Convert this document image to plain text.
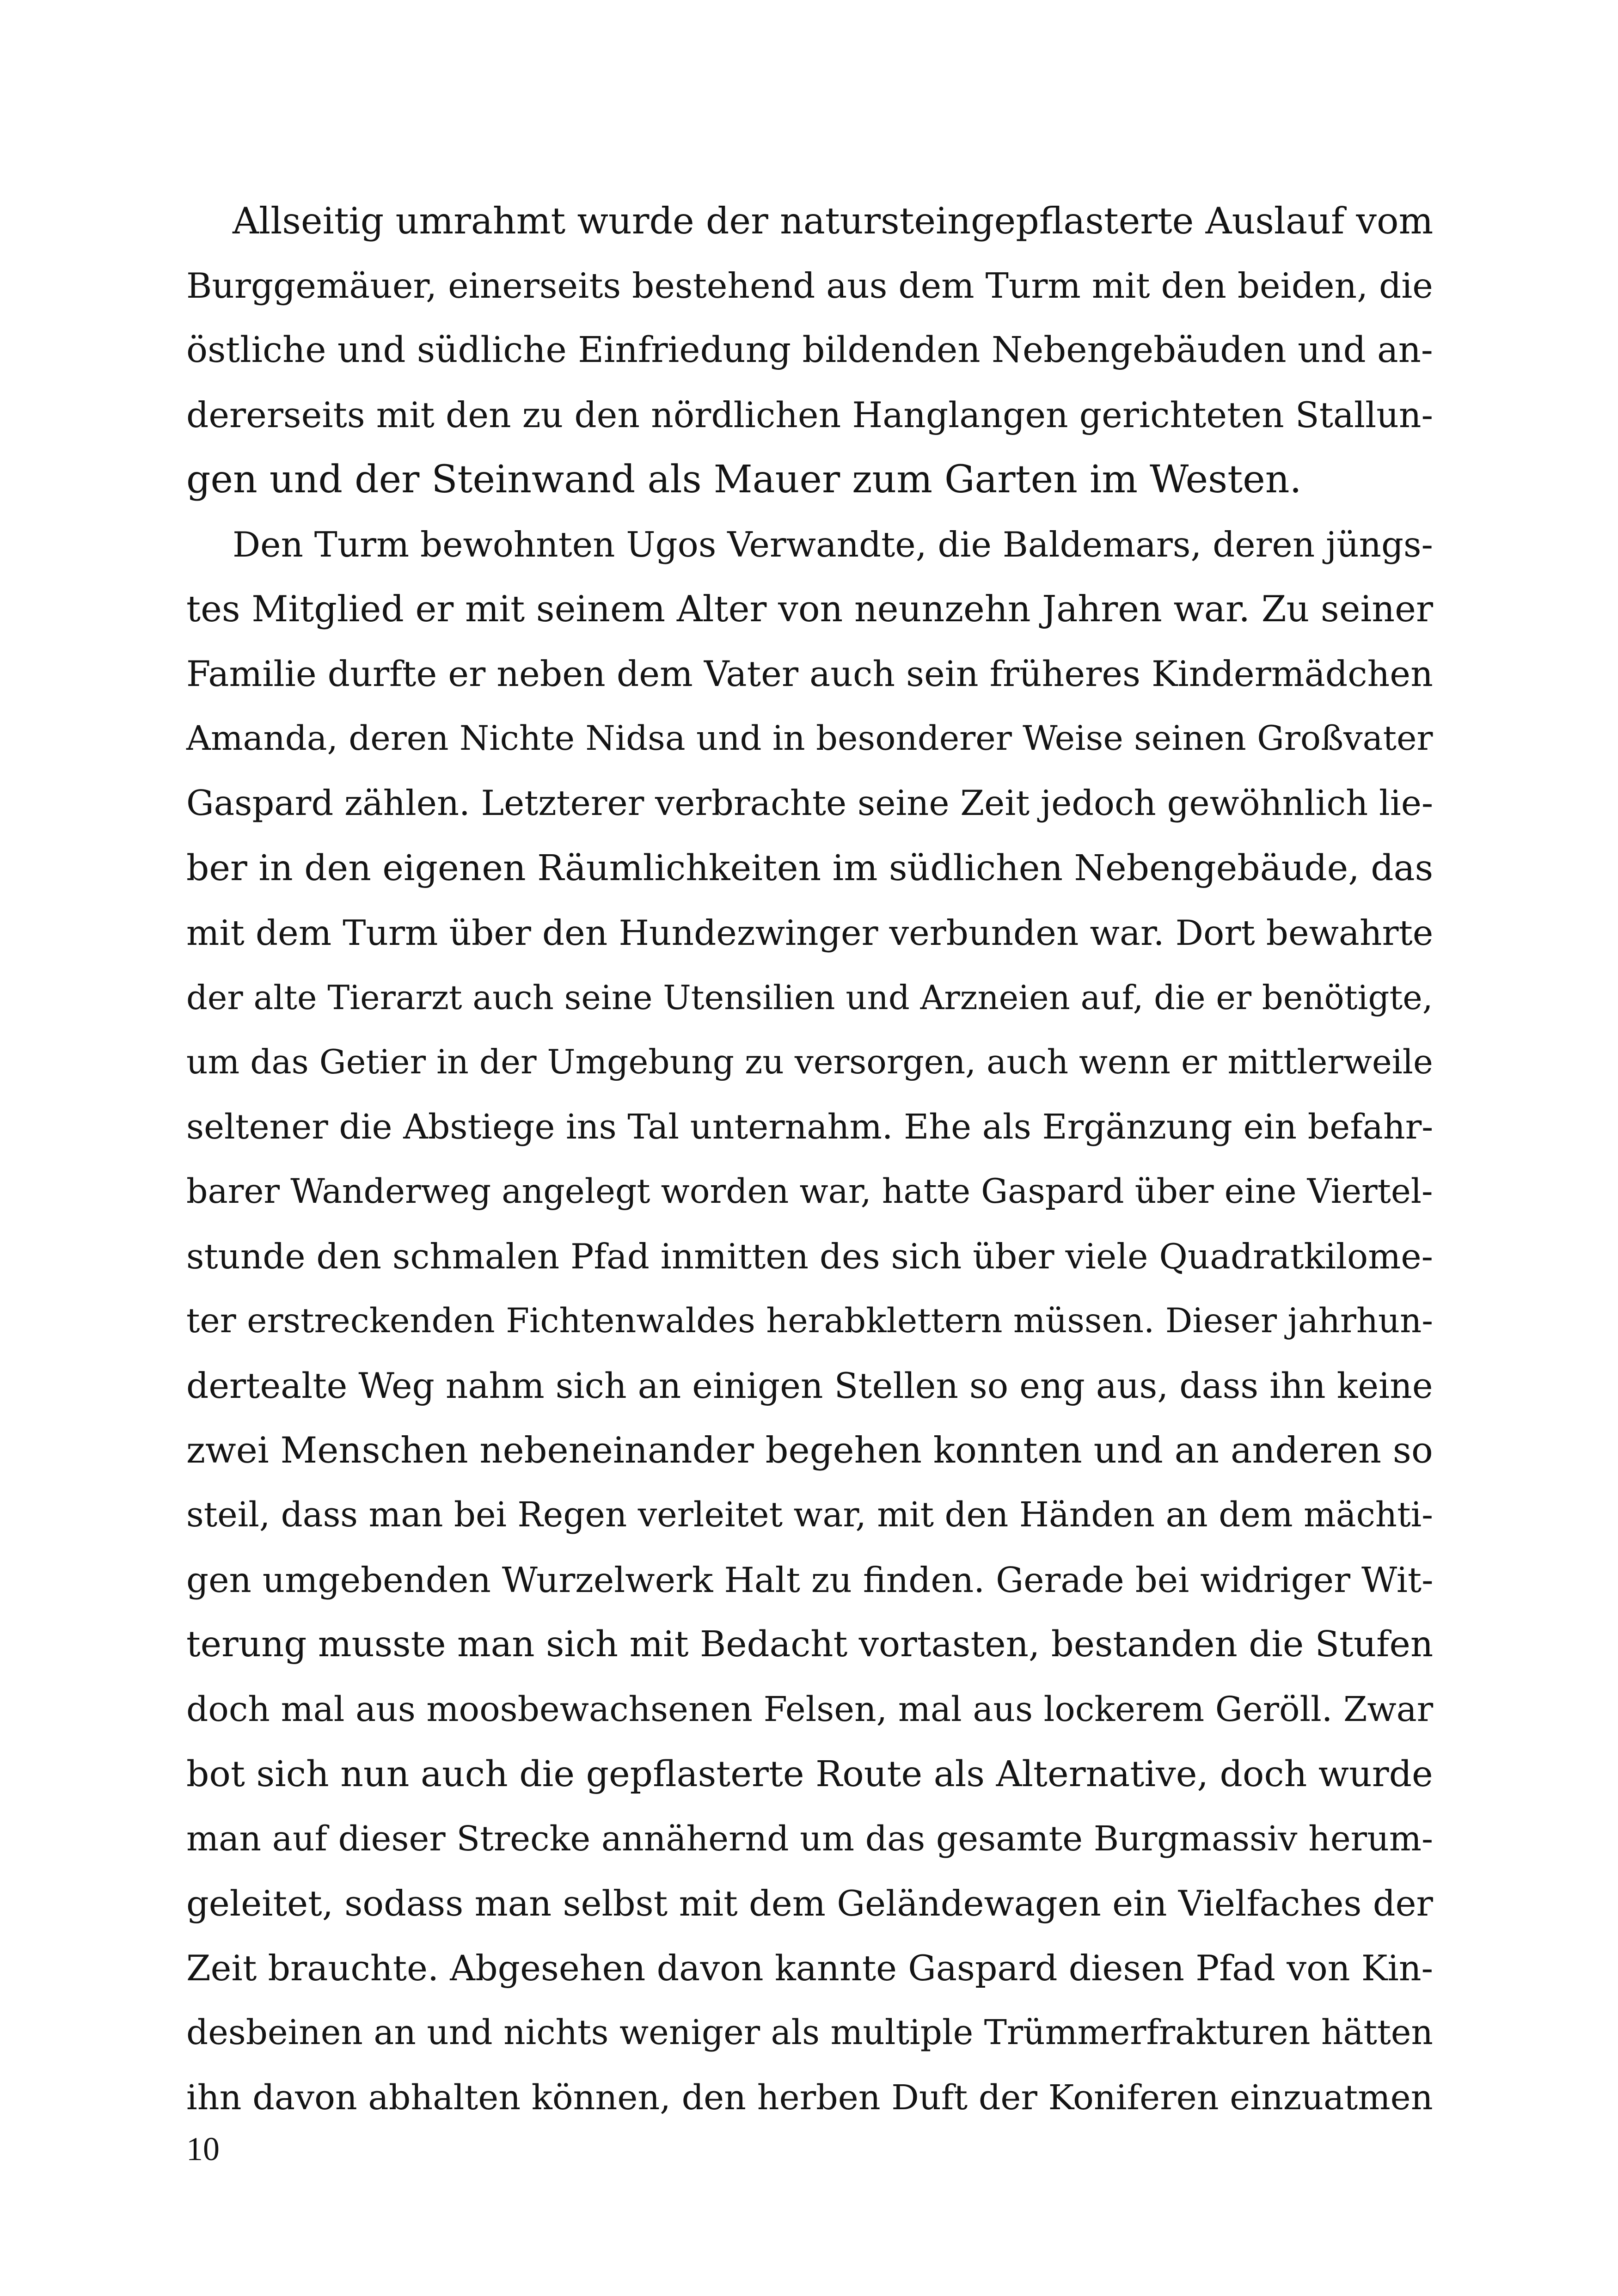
Allseitig umrahmt wurde der natursteingepflasterte Auslauf vom
Burggemäuer, einerseits bestehend aus dem Turm mit den beiden, die
östliche und südliche Einfriedung bildenden Nebengebäuden und an-
dererseits mit den zu den nördlichen Hanglangen gerichteten Stallun-
gen und der Steinwand als Mauer zum Garten im Westen.
Den Turm bewohnten Ugos Verwandte, die Baldemars, deren jüngs-
tes Mitglied er mit seinem Alter von neunzehn Jahren war. Zu seiner
Familie durfte er neben dem Vater auch sein früheres Kindermädchen
Amanda, deren Nichte Nidsa und in besonderer Weise seinen Großvater
Gaspard zählen. Letzterer verbrachte seine Zeit jedoch gewöhnlich lie-
ber in den eigenen Räumlichkeiten im südlichen Nebengebäude, das
mit dem Turm über den Hundezwinger verbunden war. Dort bewahrte
der alte Tierarzt auch seine Utensilien und Arzneien auf, die er benötigte,
um das Getier in der Umgebung zu versorgen, auch wenn er mittlerweile
seltener die Abstiege ins Tal unternahm. Ehe als Ergänzung ein befahr-
barer Wanderweg angelegt worden war, hatte Gaspard über eine Viertel-
stunde den schmalen Pfad inmitten des sich über viele Quadratkilome-
ter erstreckenden Fichtenwaldes herabklettern müssen. Dieser jahrhun-
dertealte Weg nahm sich an einigen Stellen so eng aus, dass ihn keine
zwei Menschen nebeneinander begehen konnten und an anderen so
steil, dass man bei Regen verleitet war, mit den Händen an dem mächti-
gen umgebenden Wurzelwerk Halt zu finden. Gerade bei widriger Wit-
terung musste man sich mit Bedacht vortasten, bestanden die Stufen
doch mal aus moosbewachsenen Felsen, mal aus lockerem Geröll. Zwar
bot sich nun auch die gepflasterte Route als Alternative, doch wurde
man auf dieser Strecke annähernd um das gesamte Burgmassiv herum-
geleitet, sodass man selbst mit dem Geländewagen ein Vielfaches der
Zeit brauchte. Abgesehen davon kannte Gaspard diesen Pfad von Kin-
desbeinen an und nichts weniger als multiple Trümmerfrakturen hätten
ihn davon abhalten können, den herben Duft der Koniferen einzuatmen
10
